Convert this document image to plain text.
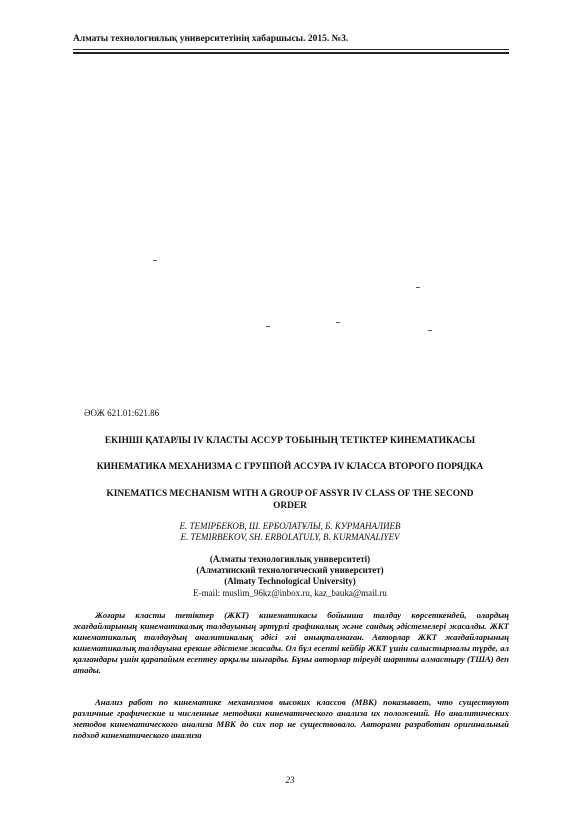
Алматы технологиялық университетінің хабаршысы. 2015. №3.
ӘОЖ 621.01:621.86
ЕКІНШІ ҚАТАРЛЫ IV КЛАСТЫ АССУР ТОБЫНЫҢ ТЕТІКТЕР КИНЕМАТИКАСЫ
КИНЕМАТИКА МЕХАНИЗМА С ГРУППОЙ АССУРА IV КЛАССА ВТОРОГО ПОРЯДКА
KINEMATICS MECHANISM WITH A GROUP OF ASSYR IV CLASS OF THE SECOND
ORDER
Е. ТЕМІРБЕКОВ, Ш. ЕРБОЛАТҰЛЫ, Б. КУРМАНАЛИЕВ
E. TEMIRBEKOV, SH. ERBOLATULY, B. KURMANALIYEV
(Алматы технологиялық университеті)
(Алматинский технологический университет)
(Almaty Technological University)
E-mail: muslim_96kz@inbox.ru, kaz_bauka@mail.ru

Жоғары класты тетіктер (ЖКТ) кинематикасы бойынша талдау көрсеткендей, олардың жағдайларының кинематикалық талдауының әртүрлі графикалық және сандық әдістемелері жасалды. ЖКТ кинематикалық талдаудың аналитикалық әдісі әлі анықталмаған. Авторлар ЖКТ жағдайларының кинематикалық талдауына ерекше әдістеме жасады. Ол бұл есепті кейбір ЖКТ үшін салыстырмалы түрде, ал қалғандары үшін қарапайым есептеу арқылы шығарды. Бұны авторлар тіреуді шартты алмастыру (ТША) деп атады.

Анализ работ по кинематике механизмов высоких классов (МВК) показывает, что существуют различные графические и численные методики кинематического анализа их положений. Но аналитических методов кинематического анализа МВК до сих пор не существовало. Авторами разработан оригинальный подход кинематического анализа

23
